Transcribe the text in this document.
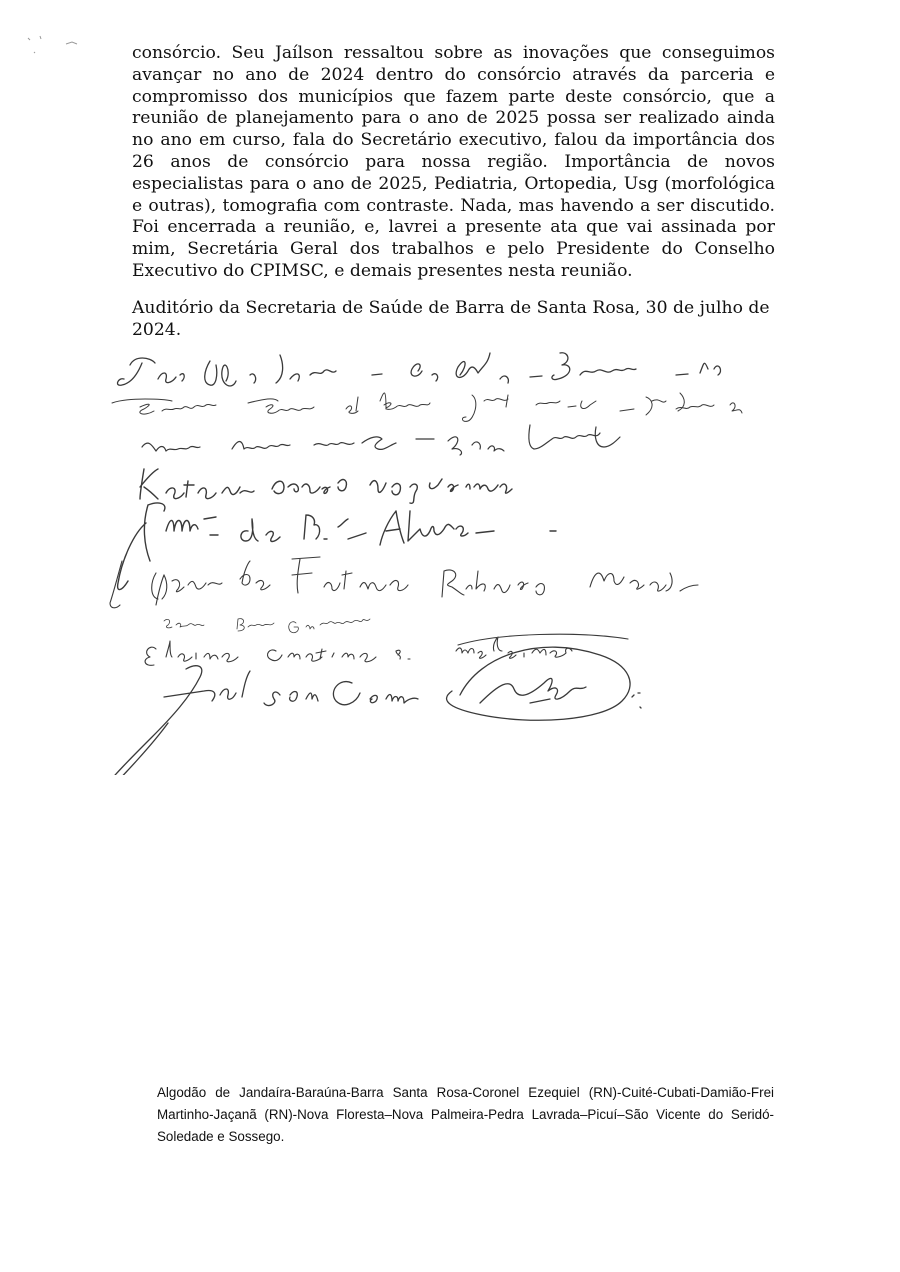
consórcio. Seu Jaílson ressaltou sobre as inovações que conseguimos avançar no ano de 2024 dentro do consórcio através da parceria e compromisso dos municípios que fazem parte deste consórcio, que a reunião de planejamento para o ano de 2025 possa ser realizado ainda no ano em curso, fala do Secretário executivo, falou da importância dos 26 anos de consórcio para nossa região. Importância de novos especialistas para o ano de 2025, Pediatria, Ortopedia, Usg (morfológica e outras), tomografia com contraste. Nada, mas havendo a ser discutido. Foi encerrada a reunião, e, lavrei a presente ata que vai assinada por mim, Secretária Geral dos trabalhos e pelo Presidente do Conselho Executivo do CPIMSC, e demais presentes nesta reunião.

Auditório da Secretaria de Saúde de Barra de Santa Rosa, 30 de julho de 2024.

Algodão de Jandaíra-Baraúna-Barra Santa Rosa-Coronel Ezequiel (RN)-Cuité-Cubati-Damião-Frei Martinho-Jaçanã (RN)-Nova Floresta–Nova Palmeira-Pedra Lavrada–Picuí–São Vicente do Seridó-Soledade e Sossego.
